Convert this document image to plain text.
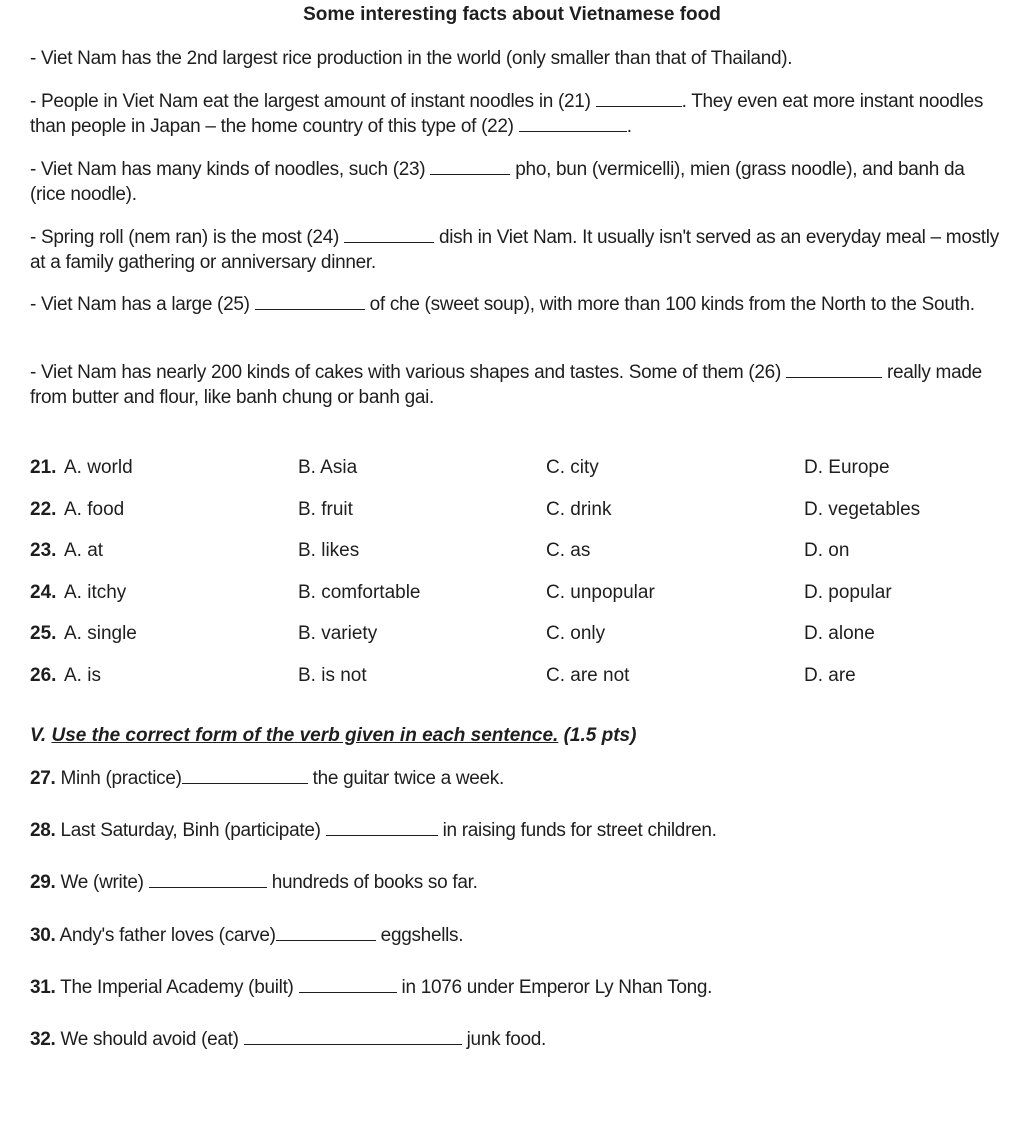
Some interesting facts about Vietnamese food
- Viet Nam has the 2nd largest rice production in the world (only smaller than that of Thailand).
- People in Viet Nam eat the largest amount of instant noodles in (21)	. They even eat more instant noodles than people in Japan – the home country of this type of (22)	.
- Viet Nam has many kinds of noodles, such (23)	pho, bun (vermicelli), mien (grass noodle), and banh da (rice noodle).
- Spring roll (nem ran) is the most (24)	dish in Viet Nam. It usually isn't served as an everyday meal – mostly at a family gathering or anniversary dinner.
- Viet Nam has a large (25)	of che (sweet soup), with more than 100 kinds from the North to the South.
- Viet Nam has nearly 200 kinds of cakes with various shapes and tastes. Some of them (26)	really made from butter and flour, like banh chung or banh gai.
21. A. world	B. Asia	C. city	D. Europe
22. A. food	B. fruit	C. drink	D. vegetables
23. A. at	B. likes	C. as	D. on
24. A. itchy	B. comfortable	C. unpopular	D. popular
25. A. single	B. variety	C. only	D. alone
26. A. is	B. is not	C. are not	D. are
V. Use the correct form of the verb given in each sentence. (1.5 pts)
27. Minh (practice)	the guitar twice a week.
28. Last Saturday, Binh (participate)	in raising funds for street children.
29. We (write)	hundreds of books so far.
30. Andy's father loves (carve)	eggshells.
31. The Imperial Academy (built)	in 1076 under Emperor Ly Nhan Tong.
32. We should avoid (eat)	junk food.
